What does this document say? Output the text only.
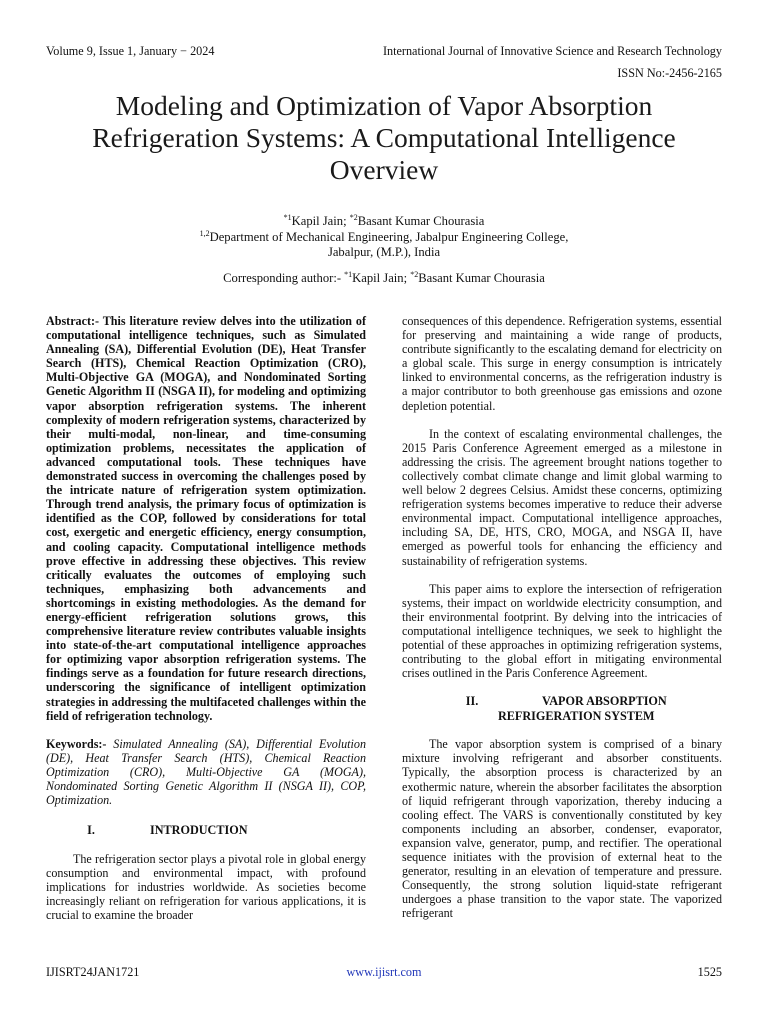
Volume 9, Issue 1, January − 2024	International Journal of Innovative Science and Research Technology
ISSN No:-2456-2165
Modeling and Optimization of Vapor Absorption Refrigeration Systems: A Computational Intelligence Overview
$^{*1}$Kapil Jain; $^{*2}$Basant Kumar Chourasia
$^{1,2}$Department of Mechanical Engineering, Jabalpur Engineering College,
Jabalpur, (M.P.), India
Corresponding author:- $^{*1}$Kapil Jain; $^{*2}$Basant Kumar Chourasia

Abstract:- This literature review delves into the utilization of computational intelligence techniques, such as Simulated Annealing (SA), Differential Evolution (DE), Heat Transfer Search (HTS), Chemical Reaction Optimization (CRO), Multi-Objective GA (MOGA), and Nondominated Sorting Genetic Algorithm II (NSGA II), for modeling and optimizing vapor absorption refrigeration systems. The inherent complexity of modern refrigeration systems, characterized by their multi-modal, non-linear, and time-consuming optimization problems, necessitates the application of advanced computational tools. These techniques have demonstrated success in overcoming the challenges posed by the intricate nature of refrigeration system optimization. Through trend analysis, the primary focus of optimization is identified as the COP, followed by considerations for total cost, exergetic and energetic efficiency, energy consumption, and cooling capacity. Computational intelligence methods prove effective in addressing these objectives. This review critically evaluates the outcomes of employing such techniques, emphasizing both advancements and shortcomings in existing methodologies. As the demand for energy-efficient refrigeration solutions grows, this comprehensive literature review contributes valuable insights into state-of-the-art computational intelligence approaches for optimizing vapor absorption refrigeration systems. The findings serve as a foundation for future research directions, underscoring the significance of intelligent optimization strategies in addressing the multifaceted challenges within the field of refrigeration technology.

Keywords:- Simulated Annealing (SA), Differential Evolution (DE), Heat Transfer Search (HTS), Chemical Reaction Optimization (CRO), Multi-Objective GA (MOGA), Nondominated Sorting Genetic Algorithm II (NSGA II), COP, Optimization.

I.	INTRODUCTION

The refrigeration sector plays a pivotal role in global energy consumption and environmental impact, with profound implications for industries worldwide. As societies become increasingly reliant on refrigeration for various applications, it is crucial to examine the broader

consequences of this dependence. Refrigeration systems, essential for preserving and maintaining a wide range of products, contribute significantly to the escalating demand for electricity on a global scale. This surge in energy consumption is intricately linked to environmental concerns, as the refrigeration industry is a major contributor to both greenhouse gas emissions and ozone depletion potential.

In the context of escalating environmental challenges, the 2015 Paris Conference Agreement emerged as a milestone in addressing the crisis. The agreement brought nations together to collectively combat climate change and limit global warming to well below 2 degrees Celsius. Amidst these concerns, optimizing refrigeration systems becomes imperative to reduce their adverse environmental impact. Computational intelligence approaches, including SA, DE, HTS, CRO, MOGA, and NSGA II, have emerged as powerful tools for enhancing the efficiency and sustainability of refrigeration systems.

This paper aims to explore the intersection of refrigeration systems, their impact on worldwide electricity consumption, and their environmental footprint. By delving into the intricacies of computational intelligence techniques, we seek to highlight the potential of these approaches in optimizing refrigeration systems, contributing to the global effort in mitigating environmental crises outlined in the Paris Conference Agreement.

II.	VAPOR ABSORPTION
REFRIGERATION SYSTEM

The vapor absorption system is comprised of a binary mixture involving refrigerant and absorber constituents. Typically, the absorption process is characterized by an exothermic nature, wherein the absorber facilitates the absorption of liquid refrigerant through vaporization, thereby inducing a cooling effect. The VARS is conventionally constituted by key components including an absorber, condenser, evaporator, expansion valve, generator, pump, and rectifier. The operational sequence initiates with the provision of external heat to the generator, resulting in an elevation of temperature and pressure. Consequently, the strong solution liquid-state refrigerant undergoes a phase transition to the vapor state. The vaporized refrigerant

IJISRT24JAN1721	www.ijisrt.com	1525
